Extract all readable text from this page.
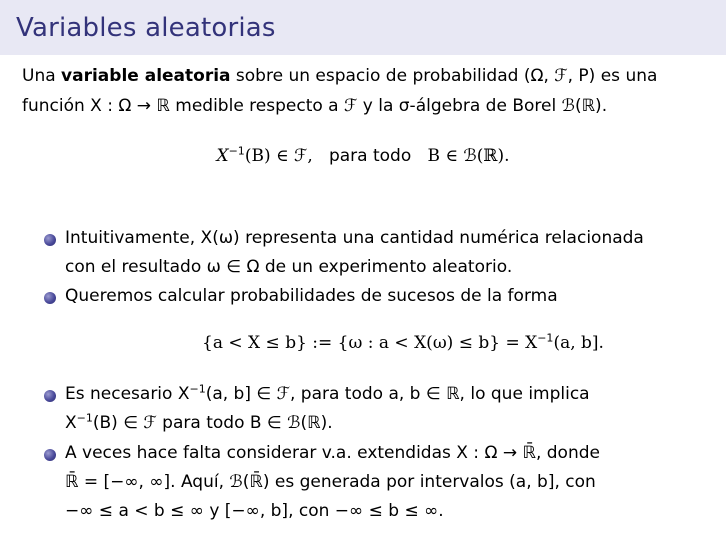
Variables aleatorias
Una variable aleatoria sobre un espacio de probabilidad (Ω, ℱ, P) es una
función X : Ω → ℝ medible respecto a ℱ y la σ-álgebra de Borel ℬ(ℝ).
$X^{-1}(B)$ ∈ ℱ, para todo B ∈ ℬ(ℝ).
Intuitivamente, X(ω) representa una cantidad numérica relacionada
con el resultado ω ∈ Ω de un experimento aleatorio.
Queremos calcular probabilidades de sucesos de la forma
{a < X ≤ b} := {ω : $a < X(\omega) \le b\} = X^{-1}(a$, b].
Es necesario $X^{-1}(a$, b] ∈ ℱ, para todo a, b ∈ ℝ, lo que implica
$X^{-1}(B)$ ∈ ℱ para todo B ∈ ℬ(ℝ).
A veces hace falta considerar v.a. extendidas X : Ω → ℝ̄, donde
ℝ̄ = [−∞, ∞]. Aquí, ℬ(ℝ̄) es generada por intervalos (a, b], con
−∞ ≤ a < b ≤ ∞ y [−∞, b], con −∞ ≤ b ≤ ∞.
